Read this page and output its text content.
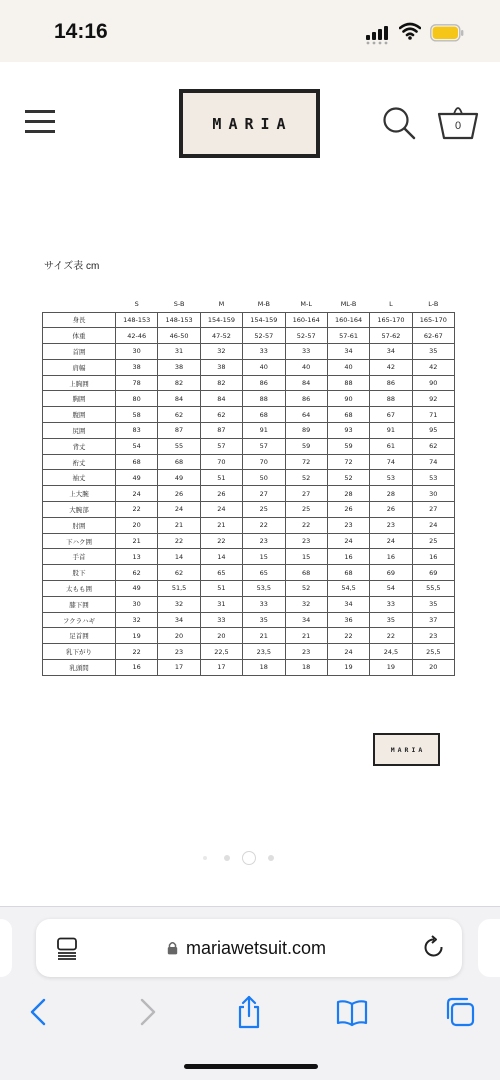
14:16
MARIA	0
サイズ表 cm
	S	S-B	M	M-B	M-L	ML-B	L	L-B
身長	148-153	148-153	154-159	154-159	160-164	160-164	165-170	165-170
体重	42-46	46-50	47-52	52-57	52-57	57-61	57-62	62-67
首囲	30	31	32	33	33	34	34	35
肩幅	38	38	38	40	40	40	42	42
上胸囲	78	82	82	86	84	88	86	90
胸囲	80	84	84	88	86	90	88	92
腹囲	58	62	62	68	64	68	67	71
尻囲	83	87	87	91	89	93	91	95
背丈	54	55	57	57	59	59	61	62
裄丈	68	68	70	70	72	72	74	74
袖丈	49	49	51	50	52	52	53	53
上大腕	24	26	26	27	27	28	28	30
大腕部	22	24	24	25	25	26	26	27
肘囲	20	21	21	22	22	23	23	24
下ハク囲	21	22	22	23	23	24	24	25
手首	13	14	14	15	15	16	16	16
股下	62	62	65	65	68	68	69	69
太もも囲	49	51,5	51	53,5	52	54,5	54	55,5
膝下囲	30	32	31	33	32	34	33	35
フクラハギ	32	34	33	35	34	36	35	37
足首囲	19	20	20	21	21	22	22	23
乳下がり	22	23	22,5	23,5	23	24	24,5	25,5
乳頭間	16	17	17	18	18	19	19	20
MARIA
mariawetsuit.com
